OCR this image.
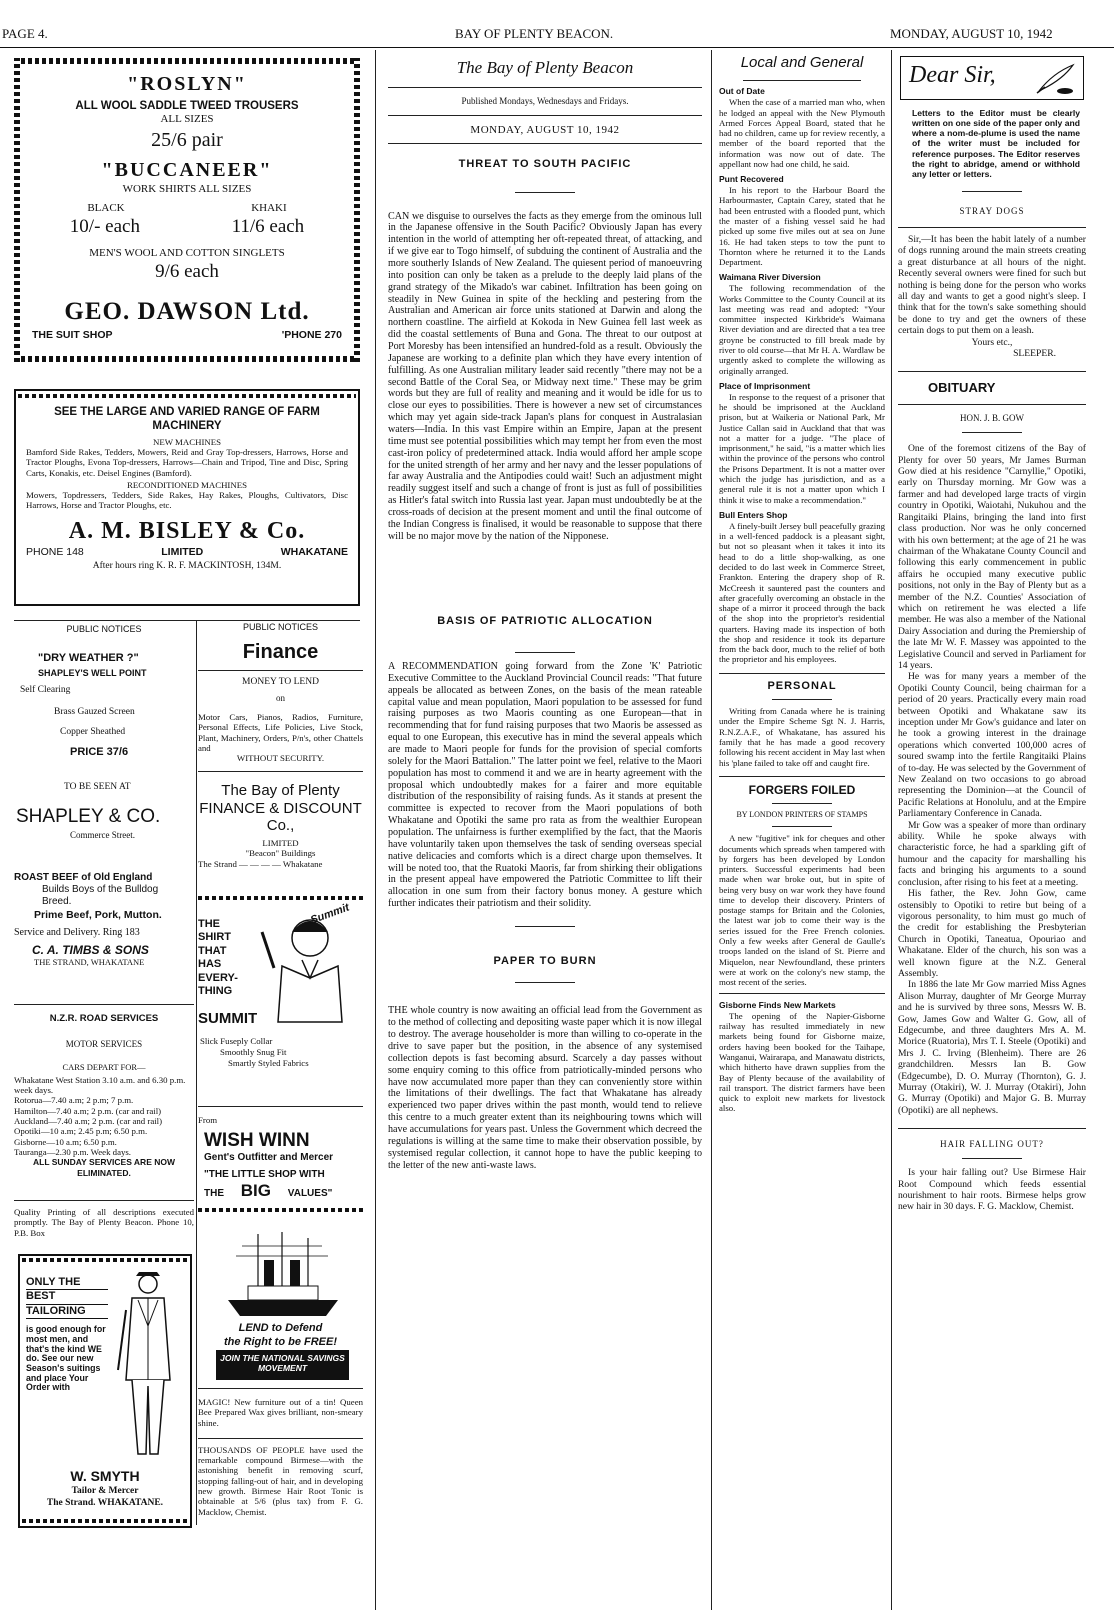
PAGE 4.	BAY OF PLENTY BEACON.	MONDAY, AUGUST 10, 1942
"ROSLYN"
ALL WOOL SADDLE TWEED TROUSERS
ALL SIZES
25/6 pair
"BUCCANEER"
WORK SHIRTS ALL SIZES
BLACK	KHAKI
10/- each	11/6 each
MEN'S WOOL AND COTTON SINGLETS
9/6 each
GEO. DAWSON Ltd.
THE SUIT SHOP	'PHONE 270
SEE THE LARGE AND VARIED RANGE OF FARM MACHINERY
NEW MACHINES
Bamford Side Rakes, Tedders, Mowers, Reid and Gray Top-dressers, Harrows, Horse and Tractor Ploughs, Evona Top-dressers, Harrows—Chain and Tripod, Tine and Disc, Spring Carts, Konakis, etc. Deisel Engines (Bamford).
RECONDITIONED MACHINES
Mowers, Topdressers, Tedders, Side Rakes, Hay Rakes, Ploughs, Cultivators, Disc Harrows, Horse and Tractor Ploughs, etc.
A. M. BISLEY & Co.
PHONE 148	LIMITED	WHAKATANE
After hours ring K. R. F. MACKINTOSH, 134M.
PUBLIC NOTICES	PUBLIC NOTICES
"DRY WEATHER ?"
SHAPLEY'S WELL POINT
Self Clearing
Brass Gauzed Screen
Copper Sheathed
PRICE 37/6
TO BE SEEN AT
SHAPLEY & CO.
Commerce Street.
ROAST BEEF of Old England
Builds Boys of the Bulldog
Breed.
Prime Beef, Pork, Mutton.
Service and Delivery. Ring 183
C. A. TIMBS & SONS
THE STRAND, WHAKATANE
N.Z.R. ROAD SERVICES
MOTOR SERVICES
CARS DEPART FOR—
Whakatane West Station 3.10 a.m. and 6.30 p.m. week days.
Rotorua—7.40 a.m; 2 p.m; 7 p.m.
Hamilton—7.40 a.m; 2 p.m. (car and rail)
Auckland—7.40 a.m; 2 p.m. (car and rail)
Opotiki—10 a.m; 2.45 p.m; 6.50 p.m.
Gisborne—10 a.m; 6.50 p.m.
Tauranga—2.30 p.m. Week days.
ALL SUNDAY SERVICES ARE NOW ELIMINATED.
Quality Printing of all descriptions executed promptly. The Bay of Plenty Beacon. Phone 10, P.B. Box
ONLY THE
BEST
TAILORING
is good enough for most men, and that's the kind WE do. See our new Season's suitings and place Your Order with
W. SMYTH
Tailor & Mercer
The Strand. WHAKATANE.
Finance
MONEY TO LEND
on
Motor Cars, Pianos, Radios, Furniture, Personal Effects, Life Policies, Live Stock, Plant, Machinery, Orders, P/n's, other Chattels and
WITHOUT SECURITY.
The Bay of Plenty FINANCE & DISCOUNT Co.,
LIMITED
"Beacon" Buildings
The Strand — — — — Whakatane
THE
SHIRT
THAT
HAS
EVERY-
THING
SUMMIT
Summit
Slick Fuseply Collar
Smoothly Snug Fit
Smartly Styled Fabrics
From
WISH WINN
Gent's Outfitter and Mercer
"THE LITTLE SHOP WITH
THE BIG VALUES"
LEND to Defend
the Right to be FREE!
JOIN THE NATIONAL SAVINGS MOVEMENT
MAGIC! New furniture out of a tin! Queen Bee Prepared Wax gives brilliant, non-smeary shine.
THOUSANDS OF PEOPLE have used the remarkable compound Birmese—with the astonishing benefit in removing scurf, stopping falling-out of hair, and in developing new growth. Birmese Hair Root Tonic is obtainable at 5/6 (plus tax) from F. G. Macklow, Chemist.
The Bay of Plenty Beacon
Published Mondays, Wednesdays and Fridays.
MONDAY, AUGUST 10, 1942
THREAT TO SOUTH PACIFIC

CAN we disguise to ourselves the facts as they emerge from the ominous lull in the Japanese offensive in the South Pacific? Obviously Japan has every intention in the world of attempting her oft-repeated threat, of attacking, and if we give ear to Togo himself, of subduing the continent of Australia and the more southerly Islands of New Zealand. The quiesent period of manoeuvring into position can only be taken as a prelude to the deeply laid plans of the grand strategy of the Mikado's war cabinet. Infiltration has been going on steadily in New Guinea in spite of the heckling and pestering from the Australian and American air force units stationed at Darwin and along the northern coastline. The airfield at Kokoda in New Guinea fell last week as did the coastal settlements of Buna and Gona. The threat to our outpost at Port Moresby has been intensified an hundred-fold as a result. Obviously the Japanese are working to a definite plan which they have every intention of fulfilling. As one Australian military leader said recently "there may not be a second Battle of the Coral Sea, or Midway next time." These may be grim words but they are full of reality and meaning and it would be idle for us to close our eyes to possibilities. There is however a new set of circumstances which may yet again side-track Japan's plans for conquest in Australasian waters—India. In this vast Empire within an Empire, Japan at the present time must see potential possibilities which may tempt her from even the most cast-iron policy of predetermined attack. India would afford her ample scope for the united strength of her army and her navy and the lesser populations of far away Australia and the Antipodies could wait! Such an adjustment might readily suggest itself and such a change of front is just as full of possibilities as Hitler's fatal switch into Russia last year. Japan must undoubtedly be at the cross-roads of decision at the present moment and until the final outcome of the Indian Congress is finalised, it would be reasonable to suppose that there will be no major move by the nation of the Nipponese.

BASIS OF PATRIOTIC ALLOCATION

A RECOMMENDATION going forward from the Zone 'K' Patriotic Executive Committee to the Auckland Provincial Council reads: "That future appeals be allocated as between Zones, on the basis of the mean rateable capital value and mean population, Maori population to be assessed for fund raising purposes as two Maoris counting as one European—that in recommending that for fund raising purposes that two Maoris be assessed as equal to one European, this executive has in mind the several appeals which are made to Maori people for funds for the provision of special comforts solely for the Maori Battalion." The latter point we feel, relative to the Maori population has most to commend it and we are in hearty agreement with the proposal which undoubtedly makes for a fairer and more equitable distribution of the responsibility of raising funds. As it stands at present the committee is expected to recover from the Maori populations of both Whakatane and Opotiki the same pro rata as from the wealthier European population. The unfairness is further exemplified by the fact, that the Maoris have voluntarily taken upon themselves the task of sending overseas special native delicacies and comforts which is a direct charge upon themselves. It will be noted too, that the Ruatoki Maoris, far from shirking their obligations in the present appeal have empowered the Patriotic Committee to lift their allocation in one sum from their factory bonus money. A gesture which further indicates their patriotism and their solidity.

PAPER TO BURN

THE whole country is now awaiting an official lead from the Government as to the method of collecting and depositing waste paper which it is now illegal to destroy. The average householder is more than willing to co-operate in the drive to save paper but the position, in the absence of any systemised collection depots is fast becoming absurd. Scarcely a day passes without some enquiry coming to this office from patriotically-minded persons who have now accumulated more paper than they can conveniently store within the limitations of their dwellings. The fact that Whakatane has already experienced two paper drives within the past month, would tend to relieve this centre to a much greater extent than its neighbouring towns which will have accumulations for years past. Unless the Government which decreed the regulations is willing at the same time to make their observation possible, by systemised regular collection, it cannot hope to have the public keeping to the letter of the new anti-waste laws.

Local and General
Out of Date

When the case of a married man who, when he lodged an appeal with the New Plymouth Armed Forces Appeal Board, stated that he had no children, came up for review recently, a member of the board reported that the information was now out of date. The appellant now had one child, he said.

Punt Recovered

In his report to the Harbour Board the Harbourmaster, Captain Carey, stated that he had been entrusted with a flooded punt, which the master of a fishing vessel said he had picked up some five miles out at sea on June 16. He had taken steps to tow the punt to Thornton where he returned it to the Lands Department.

Waimana River Diversion

The following recommendation of the Works Committee to the County Council at its last meeting was read and adopted: "Your committee inspected Kirkbride's Waimana River deviation and are directed that a tea tree groyne be constructed to fill break made by river to old course—that Mr H. A. Wardlaw be urgently asked to complete the willowing as originally arranged.

Place of Imprisonment

In response to the request of a prisoner that he should be imprisoned at the Auckland prison, but at Waikeria or National Park, Mr Justice Callan said in Auckland that that was not a matter for a judge. "The place of imprisonment," he said, "is a matter which lies within the province of the persons who control the Prisons Department. It is not a matter over which the judge has jurisdiction, and as a general rule it is not a matter upon which I think it wise to make a recommendation."

Bull Enters Shop

A finely-built Jersey bull peacefully grazing in a well-fenced paddock is a pleasant sight, but not so pleasant when it takes it into its head to do a little shop-walking, as one decided to do last week in Commerce Street, Frankton. Entering the drapery shop of R. McCreesh it sauntered past the counters and after gracefully overcoming an obstacle in the shape of a mirror it proceed through the back of the shop into the proprietor's residential quarters. Having made its inspection of both the shop and residence it took its departure from the back door, much to the relief of both the proprietor and his employees.

PERSONAL

Writing from Canada where he is training under the Empire Scheme Sgt N. J. Harris, R.N.Z.A.F., of Whakatane, has assured his family that he has made a good recovery following his recent accident in May last when his 'plane failed to take off and caught fire.

FORGERS FOILED
BY LONDON PRINTERS OF STAMPS

A new "fugitive" ink for cheques and other documents which spreads when tampered with by forgers has been developed by London printers. Successful experiments had been made when war broke out, but in spite of being very busy on war work they have found time to develop their discovery. Printers of postage stamps for Britain and the Colonies, the latest war job to come their way is the series issued for the Free French colonies. Only a few weeks after General de Gaulle's troops landed on the island of St. Pierre and Miquelon, near Newfoundland, these printers were at work on the colony's new stamp, the most recent of the series.

Gisborne Finds New Markets

The opening of the Napier-Gisborne railway has resulted immediately in new markets being found for Gisborne maize, orders having been booked for the Taihape, Wanganui, Wairarapa, and Manawatu districts, which hitherto have drawn supplies from the Bay of Plenty because of the availability of rail transport. The district farmers have been quick to exploit new markets for livestock also.

Dear Sir,

Letters to the Editor must be clearly written on one side of the paper only and where a nom-de-plume is used the name of the writer must be included for reference purposes. The Editor reserves the right to abridge, amend or withhold any letter or letters.

STRAY DOGS

Sir,—It has been the habit lately of a number of dogs running around the main streets creating a great disturbance at all hours of the night. Recently several owners were fined for such but nothing is being done for the person who works all day and wants to get a good night's sleep. I think that for the town's sake something should be done to try and get the owners of these certain dogs to put them on a leash.

Yours etc.,
SLEEPER.
OBITUARY
HON. J. B. GOW

One of the foremost citizens of the Bay of Plenty for over 50 years, Mr James Burman Gow died at his residence "Carnyllie," Opotiki, early on Thursday morning. Mr Gow was a farmer and had developed large tracts of virgin country in Opotiki, Waiotahi, Nukuhou and the Rangitaiki Plains, bringing the land into first class production. Nor was he only concerned with his own betterment; at the age of 21 he was chairman of the Whakatane County Council and following this early commencement in public affairs he occupied many executive public positions, not only in the Bay of Plenty but as a member of the N.Z. Counties' Association of which on retirement he was elected a life member. He was also a member of the National Dairy Association and during the Premiership of the late Mr W. F. Massey was appointed to the Legislative Council and served in Parliament for 14 years.

He was for many years a member of the Opotiki County Council, being chairman for a period of 20 years. Practically every main road between Opotiki and Whakatane saw its inception under Mr Gow's guidance and later on he took a growing interest in the drainage operations which converted 100,000 acres of soured swamp into the fertile Rangitaiki Plains of to-day. He was selected by the Government of New Zealand on two occasions to go abroad representing the Dominion—at the Council of Pacific Relations at Honolulu, and at the Empire Parliamentary Conference in Canada.

Mr Gow was a speaker of more than ordinary ability. While he spoke always with characteristic force, he had a sparkling gift of humour and the capacity for marshalling his facts and bringing his arguments to a sound conclusion, after rising to his feet at a meeting.

His father, the Rev. John Gow, came ostensibly to Opotiki to retire but being of a vigorous personality, to him must go much of the credit for establishing the Presbyterian Church in Opotiki, Taneatua, Opouriao and Whakatane. Elder of the church, his son was a well known figure at the N.Z. General Assembly.

In 1886 the late Mr Gow married Miss Agnes Alison Murray, daughter of Mr George Murray and he is survived by three sons, Messrs W. B. Gow, James Gow and Walter G. Gow, all of Edgecumbe, and three daughters Mrs A. M. Morice (Ruatoria), Mrs T. I. Steele (Opotiki) and Mrs J. C. Irving (Blenheim). There are 26 grandchildren. Messrs Ian B. Gow (Edgecumbe), D. O. Murray (Thornton), G. J. Murray (Otakiri), W. J. Murray (Otakiri), John G. Murray (Opotiki) and Major G. B. Murray (Opotiki) are all nephews.

HAIR FALLING OUT?

Is your hair falling out? Use Birmese Hair Root Compound which feeds essential nourishment to hair roots. Birmese helps grow new hair in 30 days. F. G. Macklow, Chemist.
